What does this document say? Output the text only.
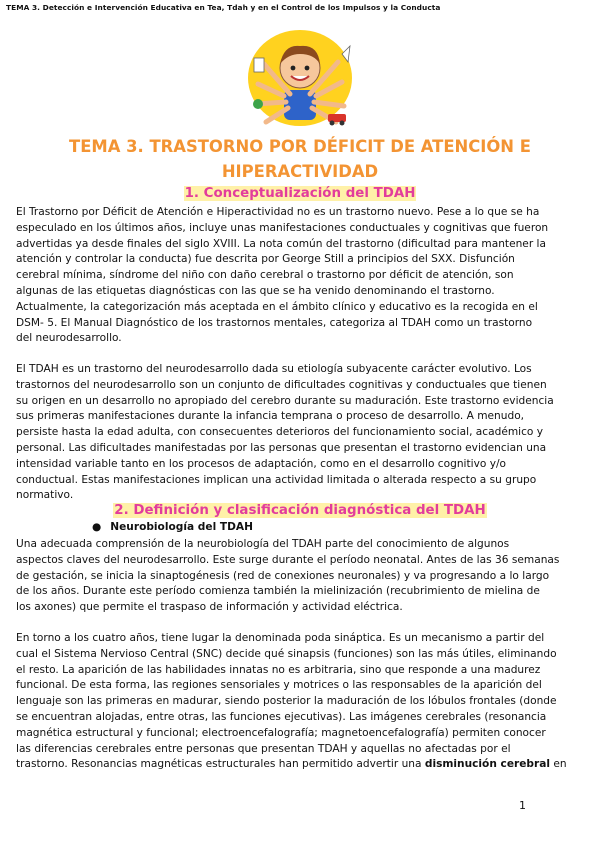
TEMA 3. Detección e Intervención Educativa en Tea, Tdah y en el Control de los Impulsos y la Conducta
TEMA 3. TRASTORNO POR DÉFICIT DE ATENCIÓN E
HIPERACTIVIDAD
1. Conceptualización del TDAH
El Trastorno por Déficit de Atención e Hiperactividad no es un trastorno nuevo. Pese a lo que se ha
especulado en los últimos años, incluye unas manifestaciones conductuales y cognitivas que fueron
advertidas ya desde finales del siglo XVIII. La nota común del trastorno (dificultad para mantener la
atención y controlar la conducta) fue descrita por George Still a principios del SXX. Disfunción
cerebral mínima, síndrome del niño con daño cerebral o trastorno por déficit de atención, son
algunas de las etiquetas diagnósticas con las que se ha venido denominando el trastorno.
Actualmente, la categorización más aceptada en el ámbito clínico y educativo es la recogida en el
DSM- 5. El Manual Diagnóstico de los trastornos mentales, categoriza al TDAH como un trastorno
del neurodesarrollo.
El TDAH es un trastorno del neurodesarrollo dada su etiología subyacente carácter evolutivo. Los
trastornos del neurodesarrollo son un conjunto de dificultades cognitivas y conductuales que tienen
su origen en un desarrollo no apropiado del cerebro durante su maduración. Este trastorno evidencia
sus primeras manifestaciones durante la infancia temprana o proceso de desarrollo. A menudo,
persiste hasta la edad adulta, con consecuentes deterioros del funcionamiento social, académico y
personal. Las dificultades manifestadas por las personas que presentan el trastorno evidencian una
intensidad variable tanto en los procesos de adaptación, como en el desarrollo cognitivo y/o
conductual. Estas manifestaciones implican una actividad limitada o alterada respecto a su grupo
normativo.
2. Definición y clasificación diagnóstica del TDAH
● Neurobiología del TDAH
Una adecuada comprensión de la neurobiología del TDAH parte del conocimiento de algunos
aspectos claves del neurodesarrollo. Este surge durante el período neonatal. Antes de las 36 semanas
de gestación, se inicia la sinaptogénesis (red de conexiones neuronales) y va progresando a lo largo
de los años. Durante este período comienza también la mielinización (recubrimiento de mielina de
los axones) que permite el traspaso de información y actividad eléctrica.
En torno a los cuatro años, tiene lugar la denominada poda sináptica. Es un mecanismo a partir del
cual el Sistema Nervioso Central (SNC) decide qué sinapsis (funciones) son las más útiles, eliminando
el resto. La aparición de las habilidades innatas no es arbitraria, sino que responde a una madurez
funcional. De esta forma, las regiones sensoriales y motrices o las responsables de la aparición del
lenguaje son las primeras en madurar, siendo posterior la maduración de los lóbulos frontales (donde
se encuentran alojadas, entre otras, las funciones ejecutivas). Las imágenes cerebrales (resonancia
magnética estructural y funcional; electroencefalografía; magnetoencefalografía) permiten conocer
las diferencias cerebrales entre personas que presentan TDAH y aquellas no afectadas por el
trastorno. Resonancias magnéticas estructurales han permitido advertir una disminución cerebral en
1
